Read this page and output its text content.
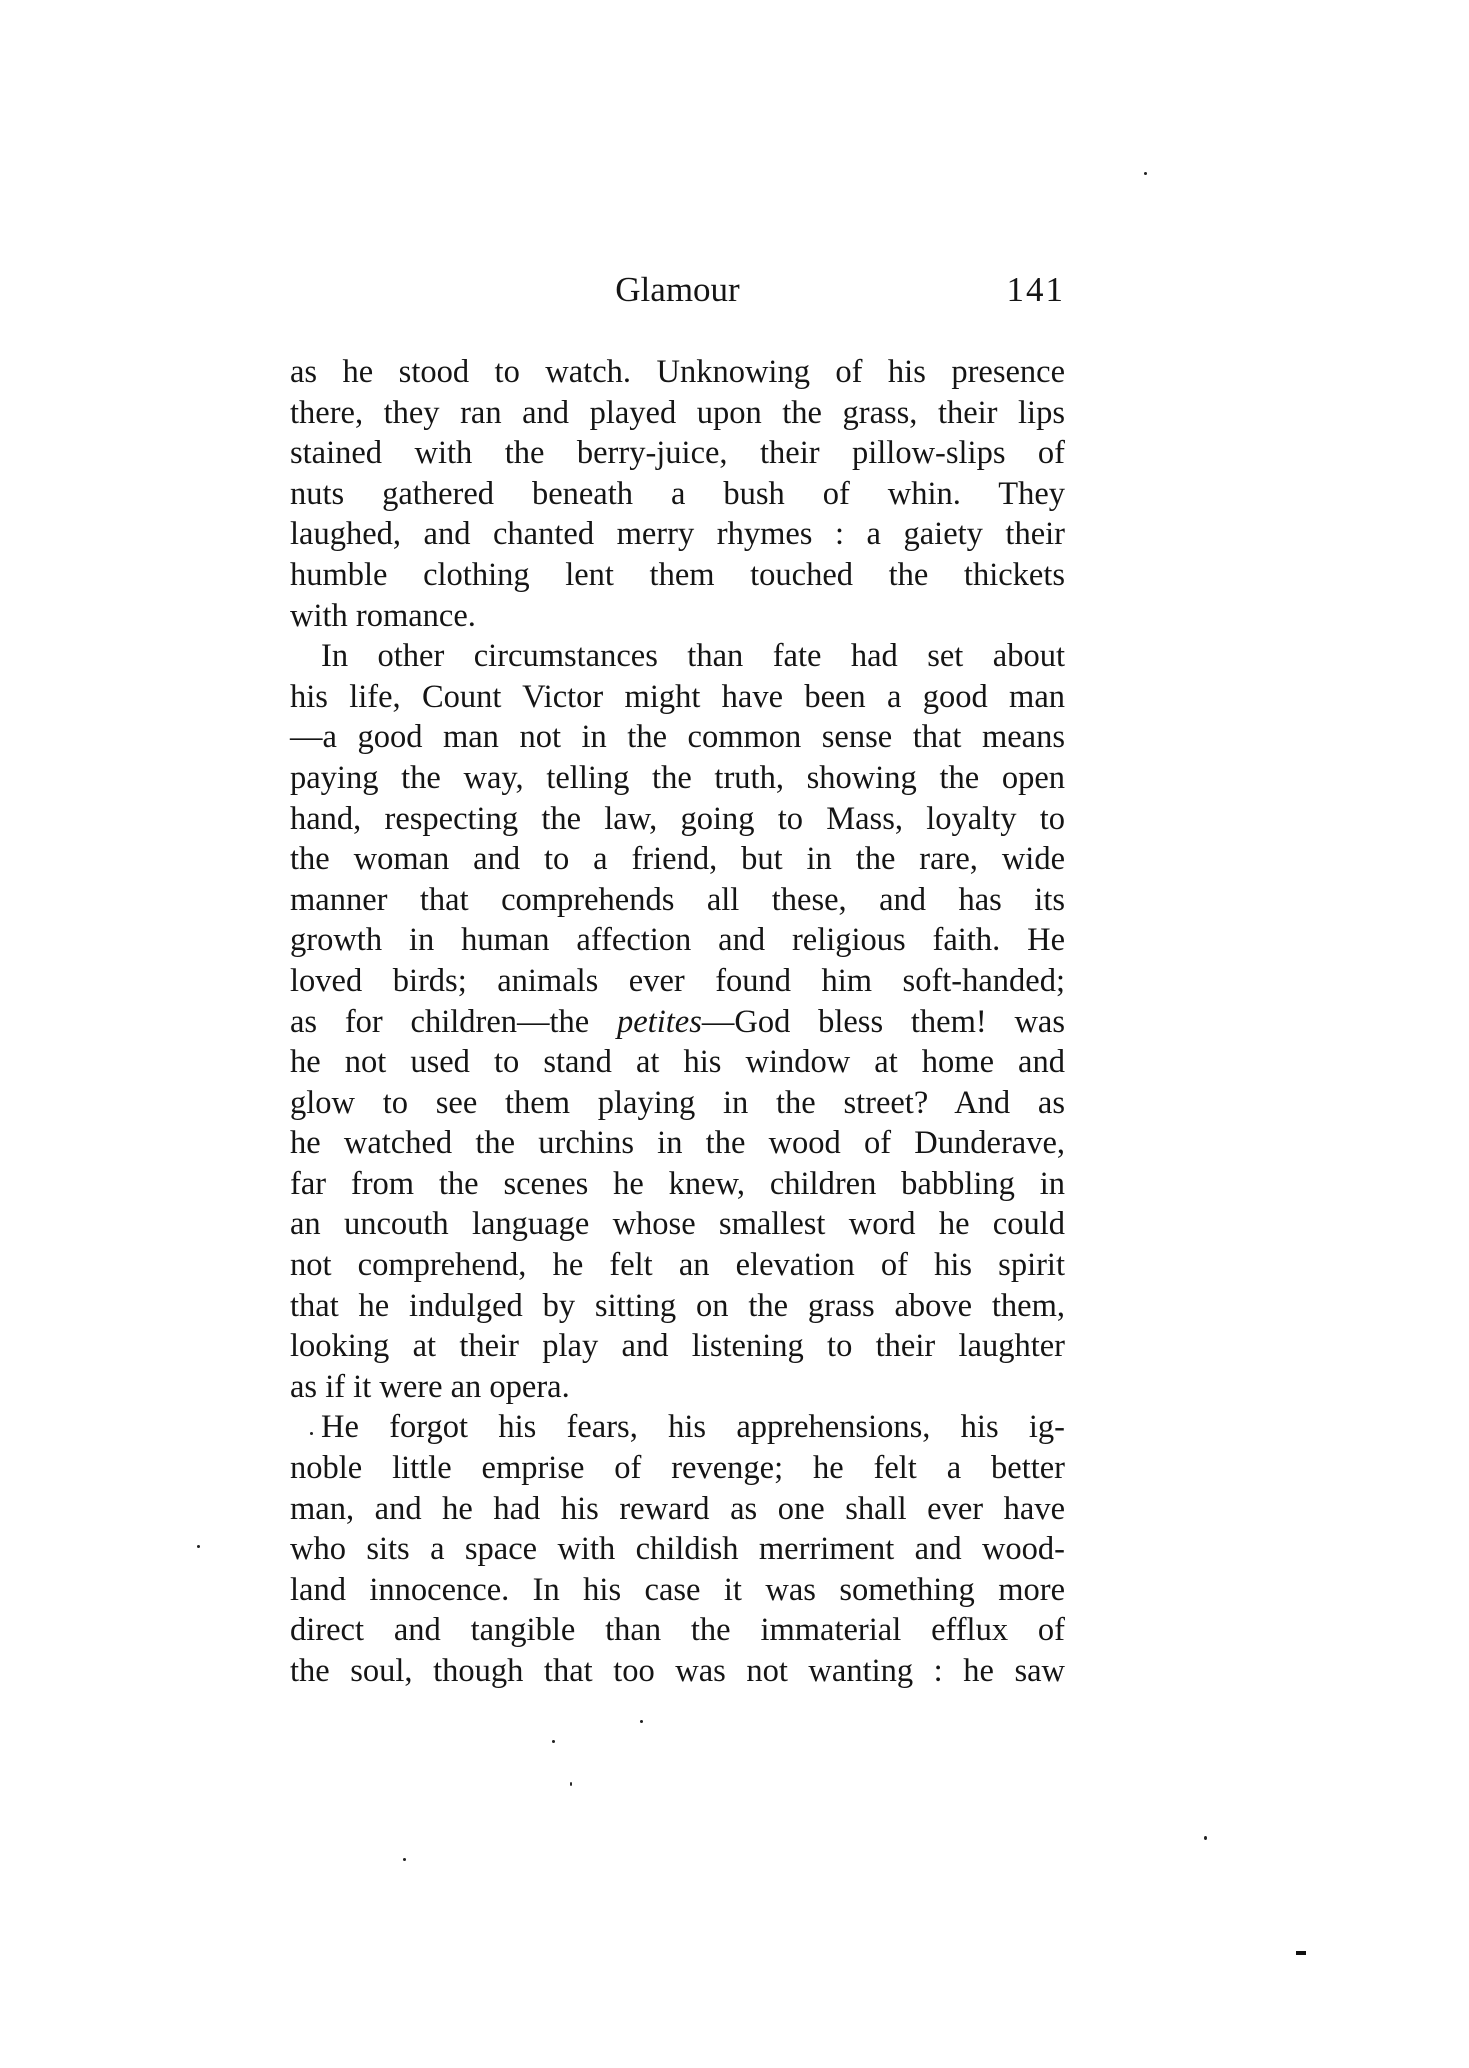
Glamour	141
as he stood to watch. Unknowing of his presence
there, they ran and played upon the grass, their lips
stained with the berry-juice, their pillow-slips of
nuts gathered beneath a bush of whin. They
laughed, and chanted merry rhymes : a gaiety their
humble clothing lent them touched the thickets
with romance.
In other circumstances than fate had set about
his life, Count Victor might have been a good man
—a good man not in the common sense that means
paying the way, telling the truth, showing the open
hand, respecting the law, going to Mass, loyalty to
the woman and to a friend, but in the rare, wide
manner that comprehends all these, and has its
growth in human affection and religious faith. He
loved birds; animals ever found him soft-handed;
as for children—the petites—God bless them! was
he not used to stand at his window at home and
glow to see them playing in the street? And as
he watched the urchins in the wood of Dunderave,
far from the scenes he knew, children babbling in
an uncouth language whose smallest word he could
not comprehend, he felt an elevation of his spirit
that he indulged by sitting on the grass above them,
looking at their play and listening to their laughter
as if it were an opera.
He forgot his fears, his apprehensions, his ig-
noble little emprise of revenge; he felt a better
man, and he had his reward as one shall ever have
who sits a space with childish merriment and wood-
land innocence. In his case it was something more
direct and tangible than the immaterial efflux of
the soul, though that too was not wanting : he saw
